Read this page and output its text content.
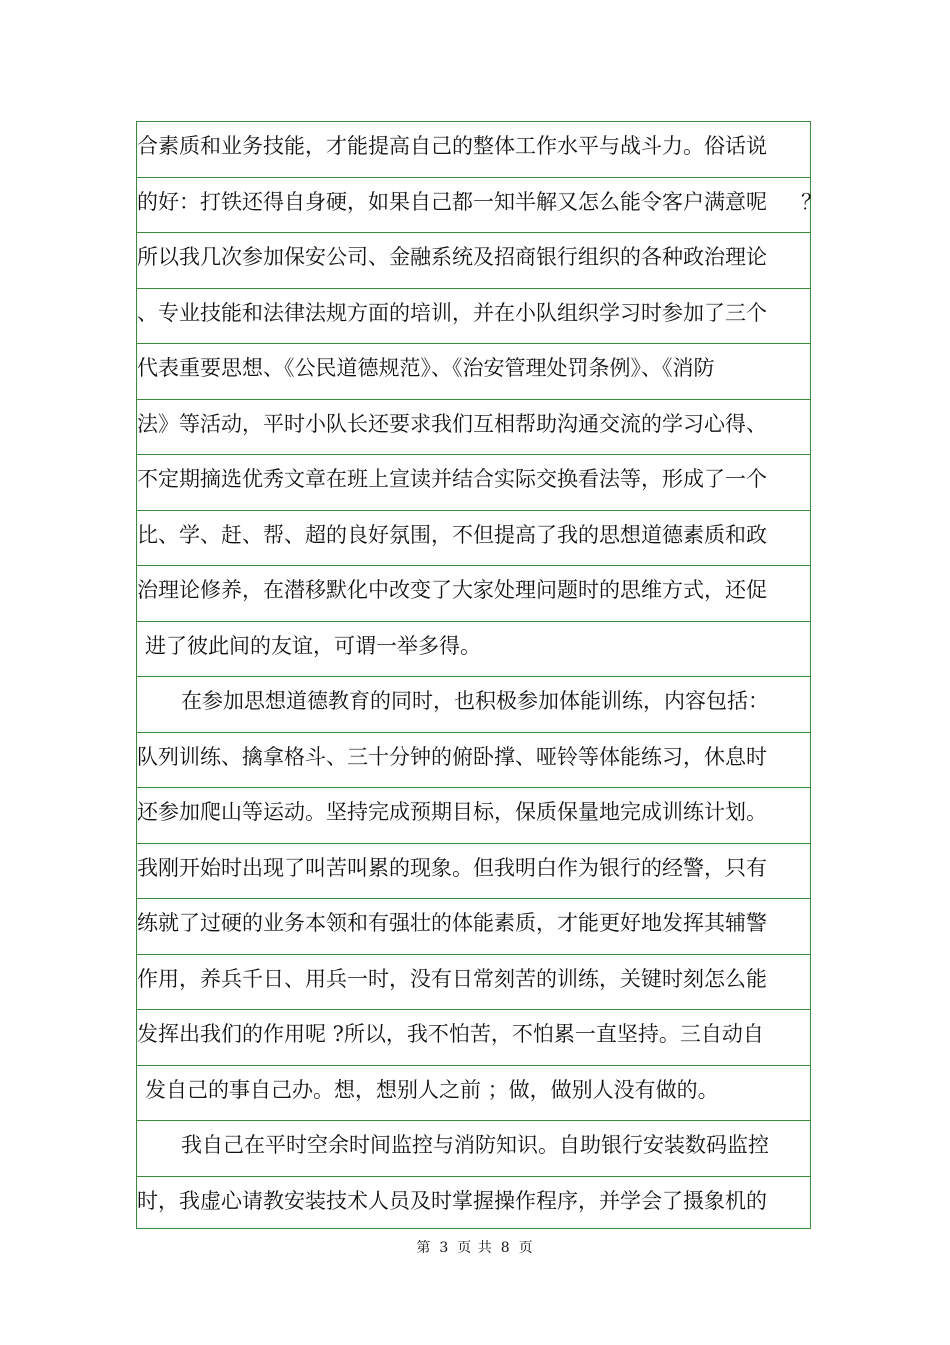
合素质和业务技能，才能提高自己的整体工作水平与战斗力。俗话说
的好：打铁还得自身硬，如果自己都一知半解又怎么能令客户满意呢 ？
所以我几次参加保安公司、金融系统及招商银行组织的各种政治理论
、专业技能和法律法规方面的培训，并在小队组织学习时参加了三个
代表重要思想、《公民道德规范》、《治安管理处罚条例》、《消防
法》等活动，平时小队长还要求我们互相帮助沟通交流的学习心得、
不定期摘选优秀文章在班上宣读并结合实际交换看法等，形成了一个
比、学、赶、帮、超的良好氛围，不但提高了我的思想道德素质和政
治理论修养，在潜移默化中改变了大家处理问题时的思维方式，还促
进了彼此间的友谊，可谓一举多得。
在参加思想道德教育的同时，也积极参加体能训练，内容包括：
队列训练、擒拿格斗、三十分钟的俯卧撑、哑铃等体能练习，休息时
还参加爬山等运动。坚持完成预期目标，保质保量地完成训练计划。
我刚开始时出现了叫苦叫累的现象。但我明白作为银行的经警，只有
练就了过硬的业务本领和有强壮的体能素质，才能更好地发挥其辅警
作用，养兵千日、用兵一时，没有日常刻苦的训练，关键时刻怎么能
发挥出我们的作用呢 ?所以，我不怕苦，不怕累一直坚持。三自动自
发自己的事自己办。想，想别人之前 ；做，做别人没有做的。
我自己在平时空余时间监控与消防知识。自助银行安装数码监控
时，我虚心请教安装技术人员及时掌握操作程序，并学会了摄象机的
第 3 页 共 8 页
